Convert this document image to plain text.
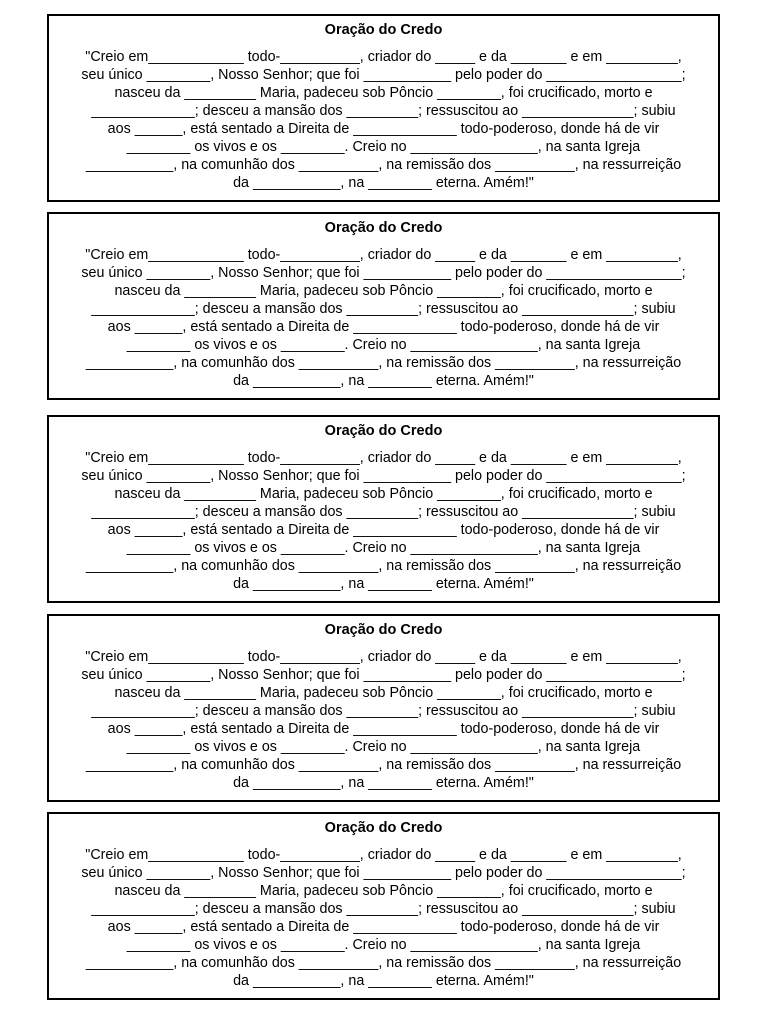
Oração do Credo
"Creio em____________ todo-__________, criador do _____ e da _______ e em _________,
seu único ________, Nosso Senhor; que foi ___________ pelo poder do _________________;
nasceu da _________ Maria, padeceu sob Pôncio ________, foi crucificado, morto e
_____________; desceu a mansão dos _________; ressuscitou ao ______________; subiu
aos ______, está sentado a Direita de _____________ todo-poderoso, donde há de vir
________ os vivos e os ________. Creio no ________________, na santa Igreja
___________, na comunhão dos __________, na remissão dos __________, na ressurreição
da ___________, na ________ eterna. Amém!"
Oração do Credo
"Creio em____________ todo-__________, criador do _____ e da _______ e em _________,
seu único ________, Nosso Senhor; que foi ___________ pelo poder do _________________;
nasceu da _________ Maria, padeceu sob Pôncio ________, foi crucificado, morto e
_____________; desceu a mansão dos _________; ressuscitou ao ______________; subiu
aos ______, está sentado a Direita de _____________ todo-poderoso, donde há de vir
________ os vivos e os ________. Creio no ________________, na santa Igreja
___________, na comunhão dos __________, na remissão dos __________, na ressurreição
da ___________, na ________ eterna. Amém!"
Oração do Credo
"Creio em____________ todo-__________, criador do _____ e da _______ e em _________,
seu único ________, Nosso Senhor; que foi ___________ pelo poder do _________________;
nasceu da _________ Maria, padeceu sob Pôncio ________, foi crucificado, morto e
_____________; desceu a mansão dos _________; ressuscitou ao ______________; subiu
aos ______, está sentado a Direita de _____________ todo-poderoso, donde há de vir
________ os vivos e os ________. Creio no ________________, na santa Igreja
___________, na comunhão dos __________, na remissão dos __________, na ressurreição
da ___________, na ________ eterna. Amém!"
Oração do Credo
"Creio em____________ todo-__________, criador do _____ e da _______ e em _________,
seu único ________, Nosso Senhor; que foi ___________ pelo poder do _________________;
nasceu da _________ Maria, padeceu sob Pôncio ________, foi crucificado, morto e
_____________; desceu a mansão dos _________; ressuscitou ao ______________; subiu
aos ______, está sentado a Direita de _____________ todo-poderoso, donde há de vir
________ os vivos e os ________. Creio no ________________, na santa Igreja
___________, na comunhão dos __________, na remissão dos __________, na ressurreição
da ___________, na ________ eterna. Amém!"
Oração do Credo
"Creio em____________ todo-__________, criador do _____ e da _______ e em _________,
seu único ________, Nosso Senhor; que foi ___________ pelo poder do _________________;
nasceu da _________ Maria, padeceu sob Pôncio ________, foi crucificado, morto e
_____________; desceu a mansão dos _________; ressuscitou ao ______________; subiu
aos ______, está sentado a Direita de _____________ todo-poderoso, donde há de vir
________ os vivos e os ________. Creio no ________________, na santa Igreja
___________, na comunhão dos __________, na remissão dos __________, na ressurreição
da ___________, na ________ eterna. Amém!"
